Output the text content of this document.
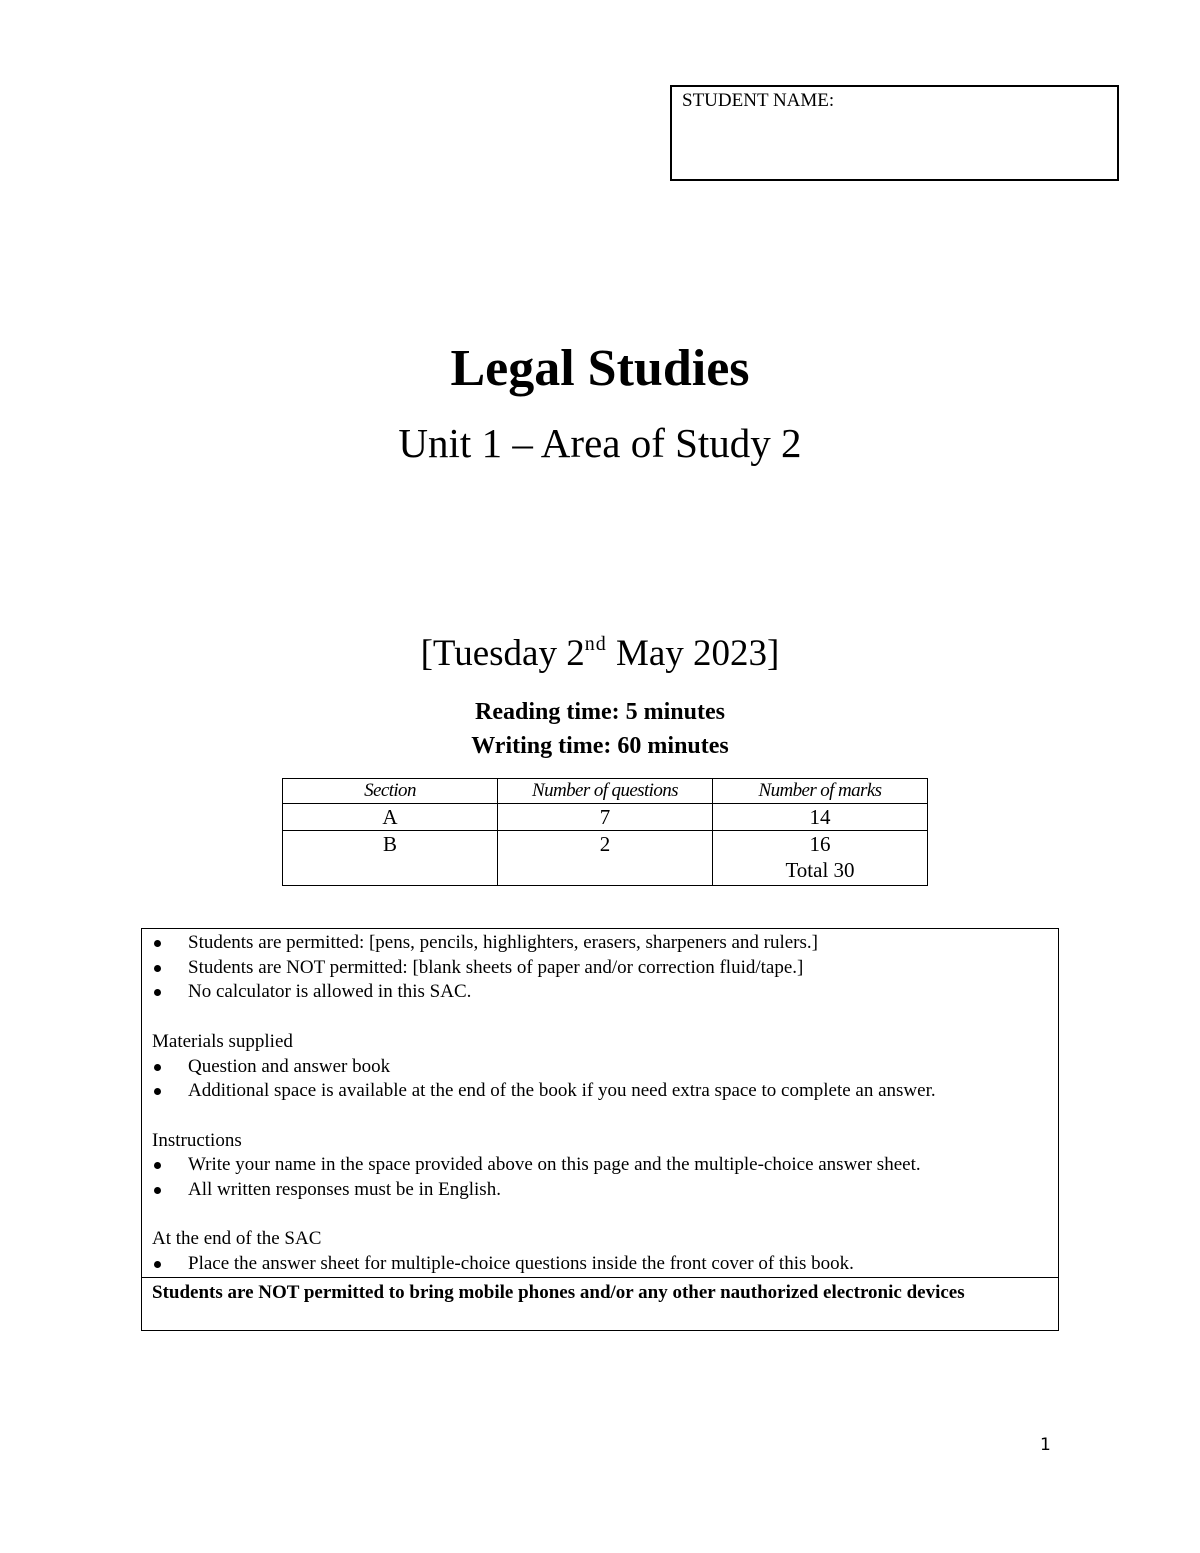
STUDENT NAME:
Legal Studies
Unit 1 – Area of Study 2
[Tuesday 2nd May 2023]
Reading time: 5 minutes
Writing time: 60 minutes
Section	Number of questions	Number of marks
A	7	14
B	2	16
Total 30
Students are permitted: [pens, pencils, highlighters, erasers, sharpeners and rulers.]
Students are NOT permitted: [blank sheets of paper and/or correction fluid/tape.]
No calculator is allowed in this SAC.
Materials supplied
Question and answer book
Additional space is available at the end of the book if you need extra space to complete an answer.
Instructions
Write your name in the space provided above on this page and the multiple-choice answer sheet.
All written responses must be in English.
At the end of the SAC
Place the answer sheet for multiple-choice questions inside the front cover of this book.
Students are NOT permitted to bring mobile phones and/or any other nauthorized electronic devices
1
